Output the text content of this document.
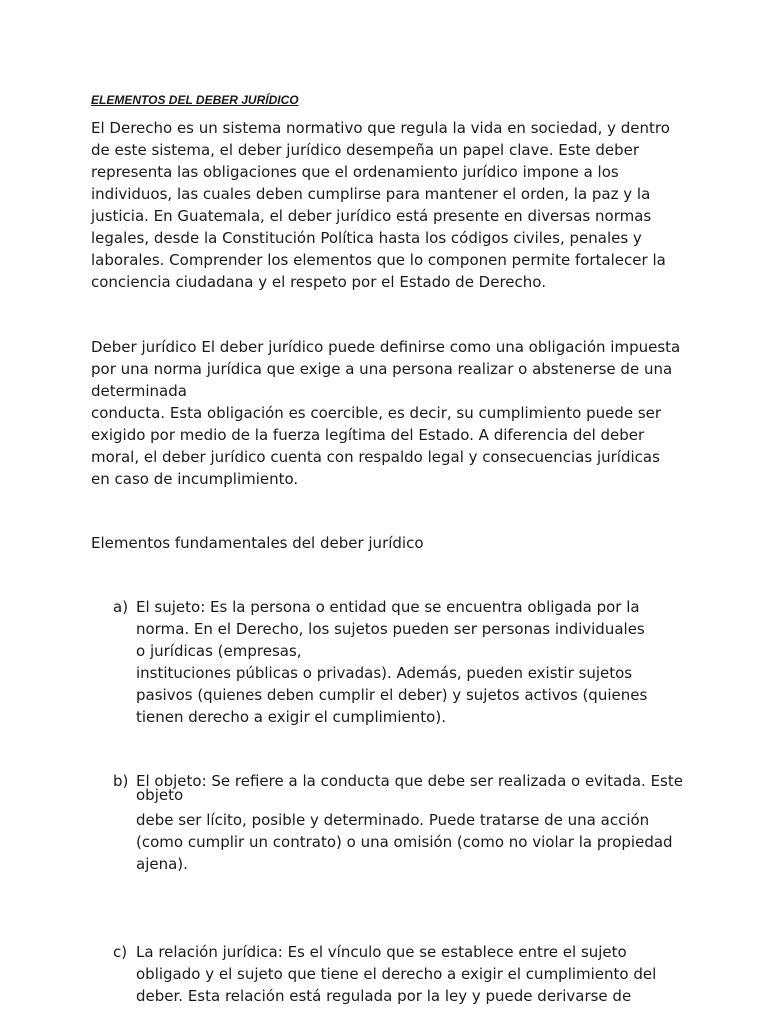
ELEMENTOS DEL DEBER JURÍDICO
El Derecho es un sistema normativo que regula la vida en sociedad, y dentro
de este sistema, el deber jurídico desempeña un papel clave. Este deber
representa las obligaciones que el ordenamiento jurídico impone a los
individuos, las cuales deben cumplirse para mantener el orden, la paz y la
justicia. En Guatemala, el deber jurídico está presente en diversas normas
legales, desde la Constitución Política hasta los códigos civiles, penales y
laborales. Comprender los elementos que lo componen permite fortalecer la
conciencia ciudadana y el respeto por el Estado de Derecho.
Deber jurídico El deber jurídico puede definirse como una obligación impuesta
por una norma jurídica que exige a una persona realizar o abstenerse de una
determinada
conducta. Esta obligación es coercible, es decir, su cumplimiento puede ser
exigido por medio de la fuerza legítima del Estado. A diferencia del deber
moral, el deber jurídico cuenta con respaldo legal y consecuencias jurídicas
en caso de incumplimiento.
Elementos fundamentales del deber jurídico
a) El sujeto: Es la persona o entidad que se encuentra obligada por la
norma. En el Derecho, los sujetos pueden ser personas individuales
o jurídicas (empresas,
instituciones públicas o privadas). Además, pueden existir sujetos
pasivos (quienes deben cumplir el deber) y sujetos activos (quienes
tienen derecho a exigir el cumplimiento).
b) El objeto: Se refiere a la conducta que debe ser realizada o evitada. Este
objeto
debe ser lícito, posible y determinado. Puede tratarse de una acción
(como cumplir un contrato) o una omisión (como no violar la propiedad
ajena).
c) La relación jurídica: Es el vínculo que se establece entre el sujeto
obligado y el sujeto que tiene el derecho a exigir el cumplimiento del
deber. Esta relación está regulada por la ley y puede derivarse de
